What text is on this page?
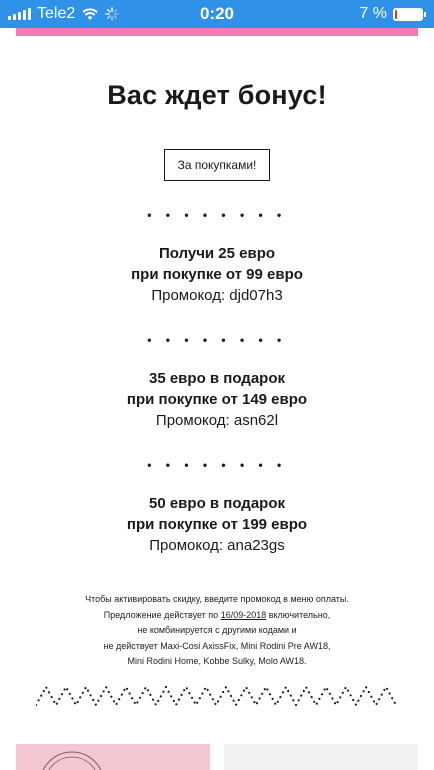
Tele2	0:20	7 %
Вас ждет бонус!
За покупками!
• • • • • • • •
Получи 25 евро
при покупке от 99 евро
Промокод: djd07h3
• • • • • • • •
35 евро в подарок
при покупке от 149 евро
Промокод: asn62l
• • • • • • • •
50 евро в подарок
при покупке от 199 евро
Промокод: ana23gs
Чтобы активировать скидку, введите промокод в меню оплаты.
Предложение действует по 16/09-2018 включительно,
не комбинируется с другими кодами и
не действует Maxi-Cosi AxissFix, Mini Rodini Pre AW18,
Mini Rodini Home, Kobbe Sulky, Molo AW18.
